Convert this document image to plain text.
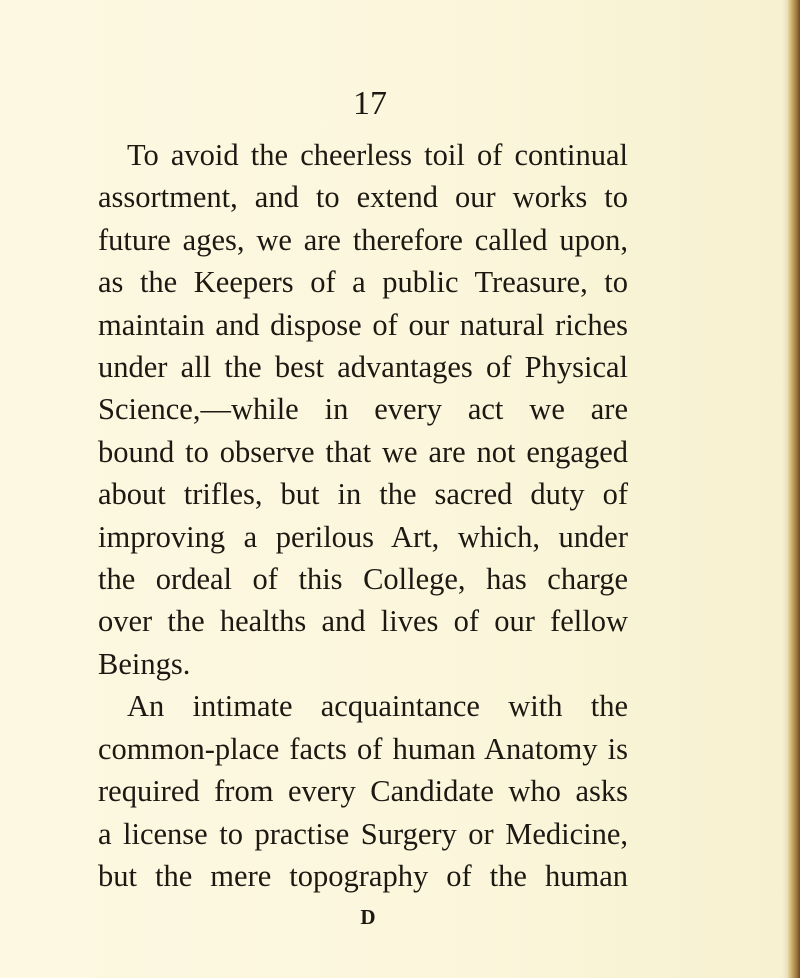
17
To avoid the cheerless toil of continual
assortment, and to extend our works to
future ages, we are therefore called upon,
as the Keepers of a public Treasure, to
maintain and dispose of our natural riches
under all the best advantages of Physical
Science,—while in every act we are
bound to observe that we are not engaged
about trifles, but in the sacred duty of
improving a perilous Art, which, under
the ordeal of this College, has charge
over the healths and lives of our fellow
Beings.
An intimate acquaintance with the
common-place facts of human Anatomy is
required from every Candidate who asks
a license to practise Surgery or Medicine,
but the mere topography of the human
D
